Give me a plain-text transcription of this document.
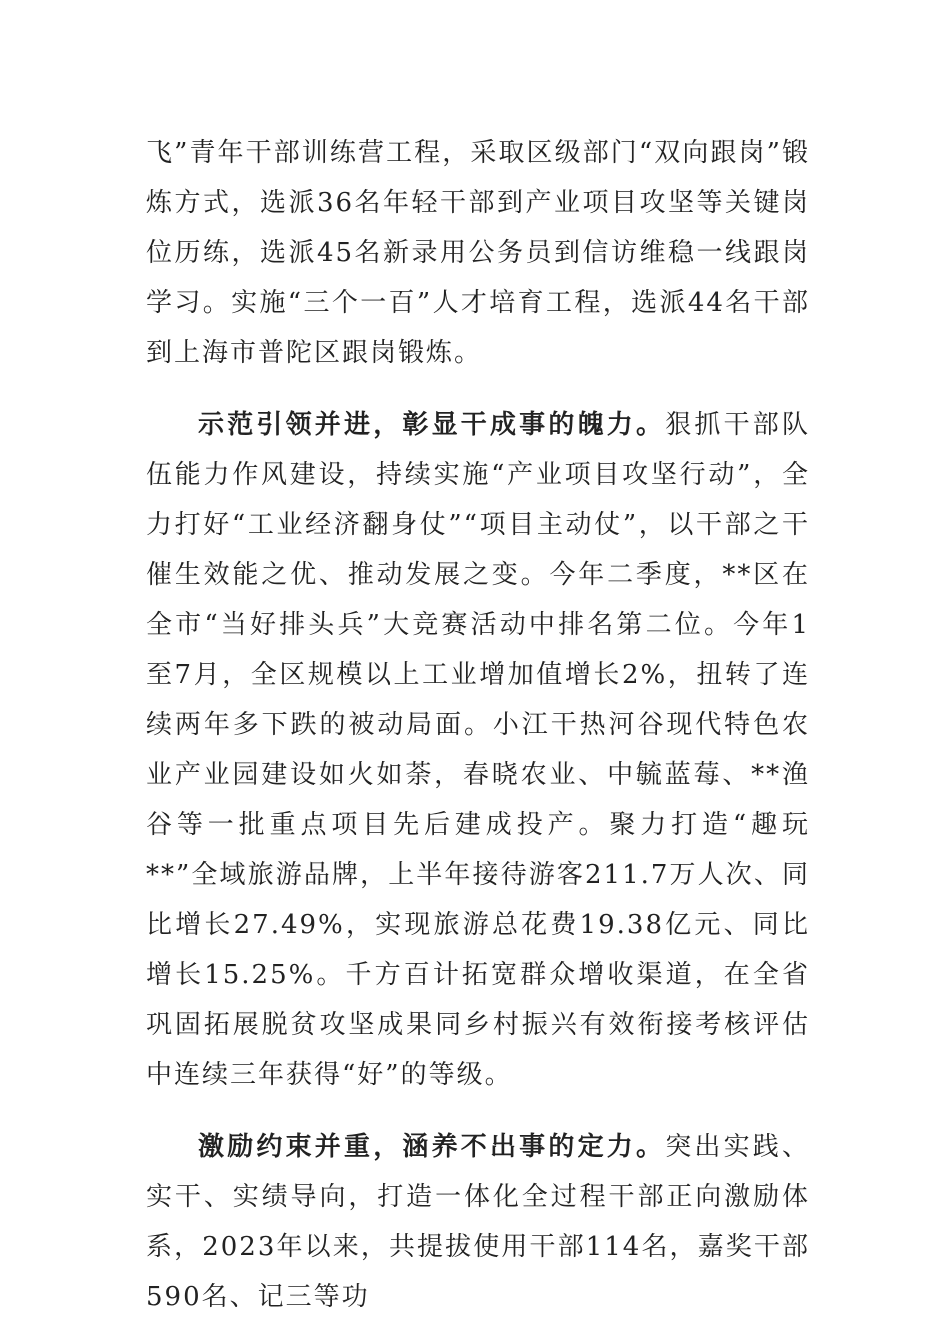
飞”青年干部训练营工程，采取区级部门“双向跟岗”锻炼方式，选派36名年轻干部到产业项目攻坚等关键岗位历练，选派45名新录用公务员到信访维稳一线跟岗学习。实施“三个一百”人才培育工程，选派44名干部到上海市普陀区跟岗锻炼。

示范引领并进，彰显干成事的魄力。狠抓干部队伍能力作风建设，持续实施“产业项目攻坚行动”，全力打好“工业经济翻身仗”“项目主动仗”，以干部之干催生效能之优、推动发展之变。今年二季度，**区在全市“当好排头兵”大竞赛活动中排名第二位。今年1至7月，全区规模以上工业增加值增长2%，扭转了连续两年多下跌的被动局面。小江干热河谷现代特色农业产业园建设如火如荼，春晓农业、中毓蓝莓、**渔谷等一批重点项目先后建成投产。聚力打造“趣玩**”全域旅游品牌，上半年接待游客211.7万人次、同比增长27.49%，实现旅游总花费19.38亿元、同比增长15.25%。千方百计拓宽群众增收渠道，在全省巩固拓展脱贫攻坚成果同乡村振兴有效衔接考核评估中连续三年获得“好”的等级。

激励约束并重，涵养不出事的定力。突出实践、实干、实绩导向，打造一体化全过程干部正向激励体系，2023年以来，共提拔使用干部114名，嘉奖干部590名、记三等功
